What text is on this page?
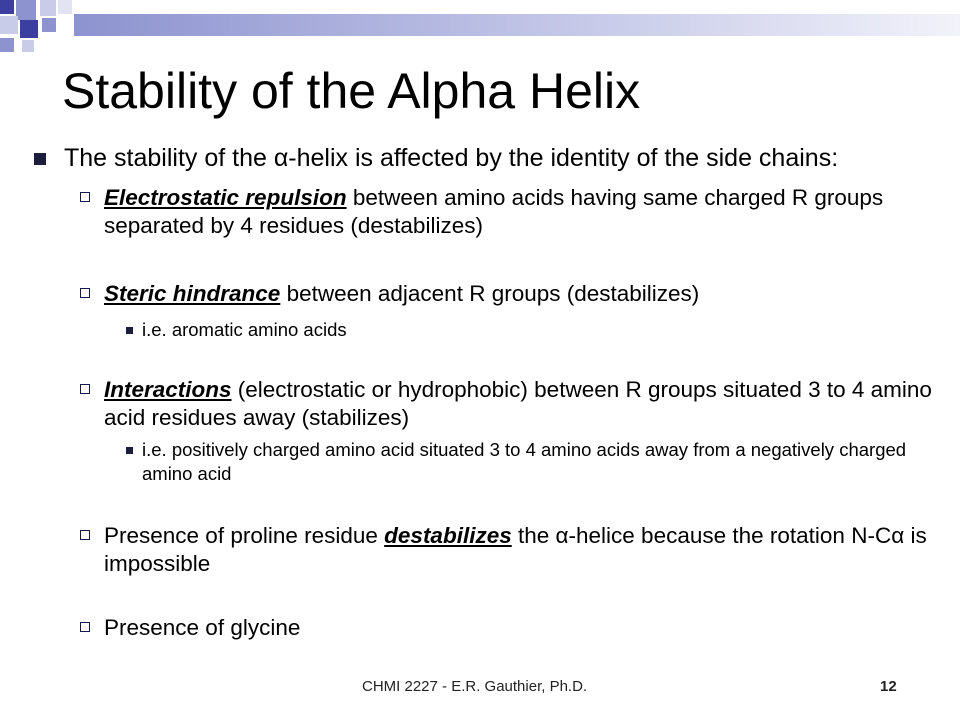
Stability of the Alpha Helix
The stability of the α-helix is affected by the identity of the side chains:
Electrostatic repulsion between amino acids having same charged R groups separated by 4 residues (destabilizes)
Steric hindrance between adjacent R groups (destabilizes)
i.e. aromatic amino acids
Interactions (electrostatic or hydrophobic) between R groups situated 3 to 4 amino acid residues away (stabilizes)
i.e. positively charged amino acid situated 3 to 4 amino acids away from a negatively charged amino acid
Presence of proline residue destabilizes the α-helice because the rotation N-Cα is impossible
Presence of glycine
CHMI 2227 - E.R. Gauthier, Ph.D.	12
